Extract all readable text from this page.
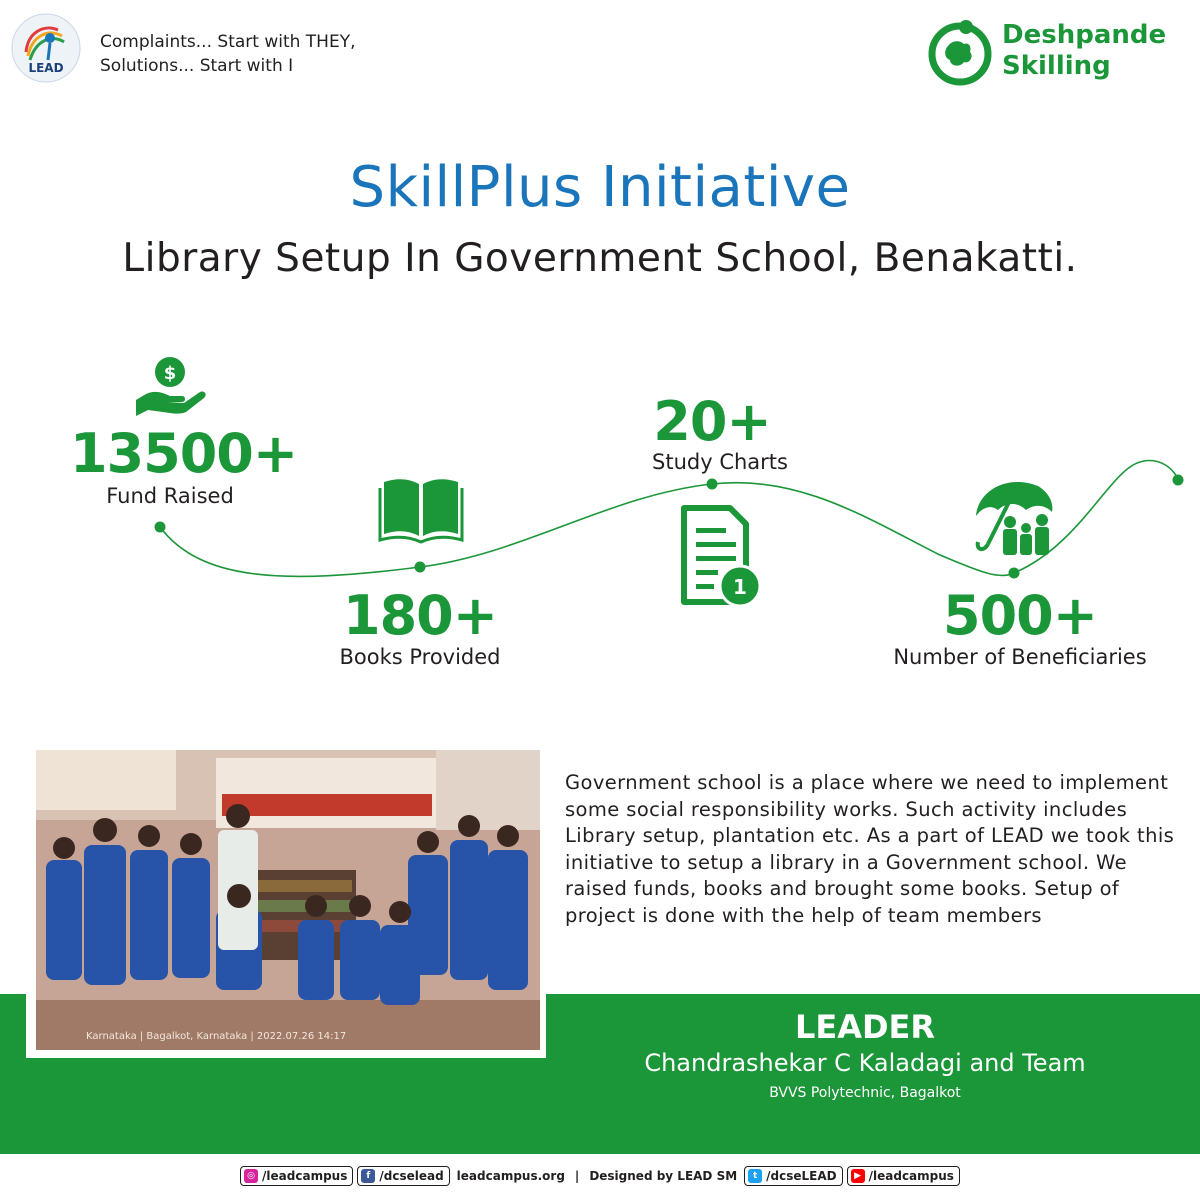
LEAD
Complaints... Start with THEY,
Solutions... Start with I
Deshpande
Skilling
SkillPlus Initiative
Library Setup In Government School, Benakatti.
$
13500+
Fund Raised
180+
Books Provided
20+
Study Charts
1	500+
Number of Beneficiaries
Karnataka | Bagalkot, Karnataka | 2022.07.26 14:17
Government school is a place where we need to implement some social responsibility works. Such activity includes Library setup, plantation etc. As a part of LEAD we took this initiative to setup a library in a Government school. We raised funds, books and brought some books. Setup of project is done with the help of team members
LEADER
Chandrashekar C Kaladagi and Team
BVVS Polytechnic, Bagalkot
◎ /leadcampus	f /dcselead leadcampus.org | Designed by LEAD SM	t /dcseLEAD	▶ /leadcampus
